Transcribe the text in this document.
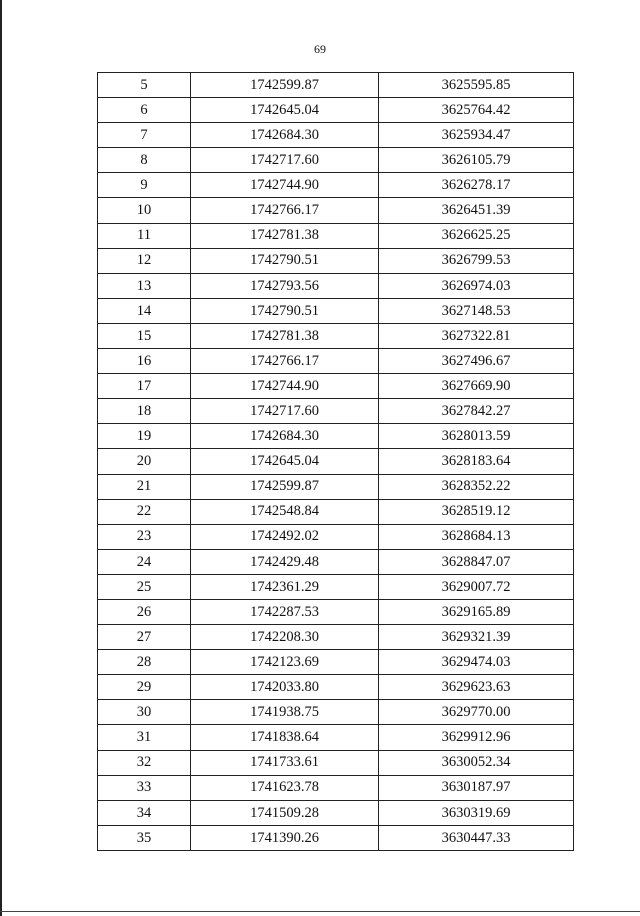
69
5	1742599.87	3625595.85
6	1742645.04	3625764.42
7	1742684.30	3625934.47
8	1742717.60	3626105.79
9	1742744.90	3626278.17
10	1742766.17	3626451.39
11	1742781.38	3626625.25
12	1742790.51	3626799.53
13	1742793.56	3626974.03
14	1742790.51	3627148.53
15	1742781.38	3627322.81
16	1742766.17	3627496.67
17	1742744.90	3627669.90
18	1742717.60	3627842.27
19	1742684.30	3628013.59
20	1742645.04	3628183.64
21	1742599.87	3628352.22
22	1742548.84	3628519.12
23	1742492.02	3628684.13
24	1742429.48	3628847.07
25	1742361.29	3629007.72
26	1742287.53	3629165.89
27	1742208.30	3629321.39
28	1742123.69	3629474.03
29	1742033.80	3629623.63
30	1741938.75	3629770.00
31	1741838.64	3629912.96
32	1741733.61	3630052.34
33	1741623.78	3630187.97
34	1741509.28	3630319.69
35	1741390.26	3630447.33
